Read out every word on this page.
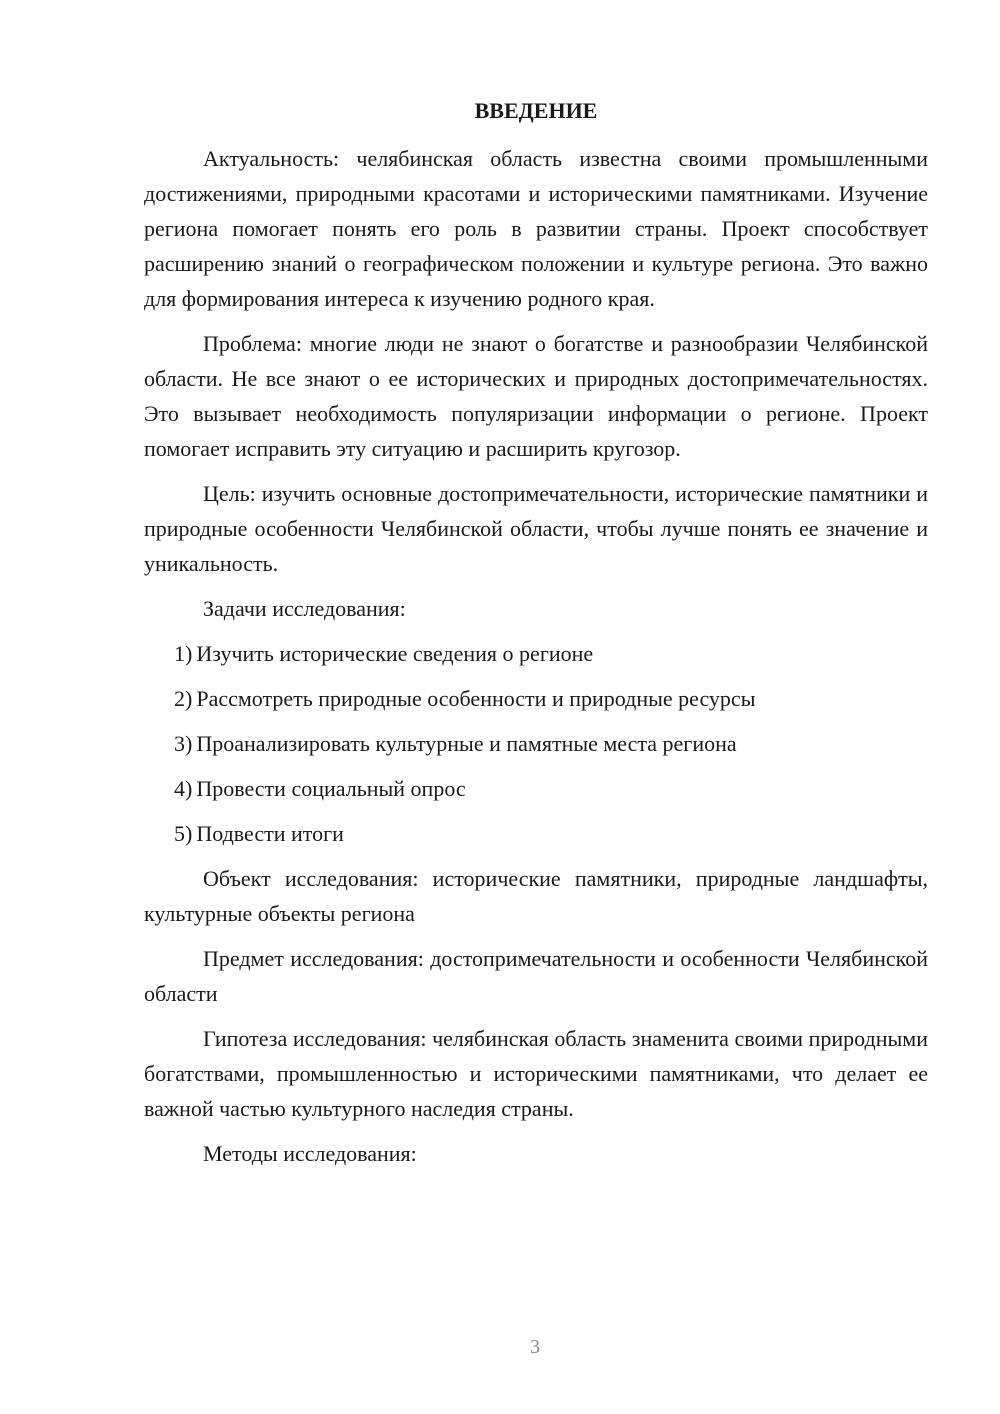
ВВЕДЕНИЕ

Актуальность: челябинская область известна своими промышленными достижениями, природными красотами и историческими памятниками. Изучение региона помогает понять его роль в развитии страны. Проект способствует расширению знаний о географическом положении и культуре региона. Это важно для формирования интереса к изучению родного края.

Проблема: многие люди не знают о богатстве и разнообразии Челябинской области. Не все знают о ее исторических и природных достопримечательностях. Это вызывает необходимость популяризации информации о регионе. Проект помогает исправить эту ситуацию и расширить кругозор.

Цель: изучить основные достопримечательности, исторические памятники и природные особенности Челябинской области, чтобы лучше понять ее значение и уникальность.

Задачи исследования:

1) Изучить исторические сведения о регионе
2) Рассмотреть природные особенности и природные ресурсы
3) Проанализировать культурные и памятные места региона
4) Провести социальный опрос
5) Подвести итоги

Объект исследования: исторические памятники, природные ландшафты, культурные объекты региона

Предмет исследования: достопримечательности и особенности Челябинской области

Гипотеза исследования: челябинская область знаменита своими природными богатствами, промышленностью и историческими памятниками, что делает ее важной частью культурного наследия страны.

Методы исследования:

3
